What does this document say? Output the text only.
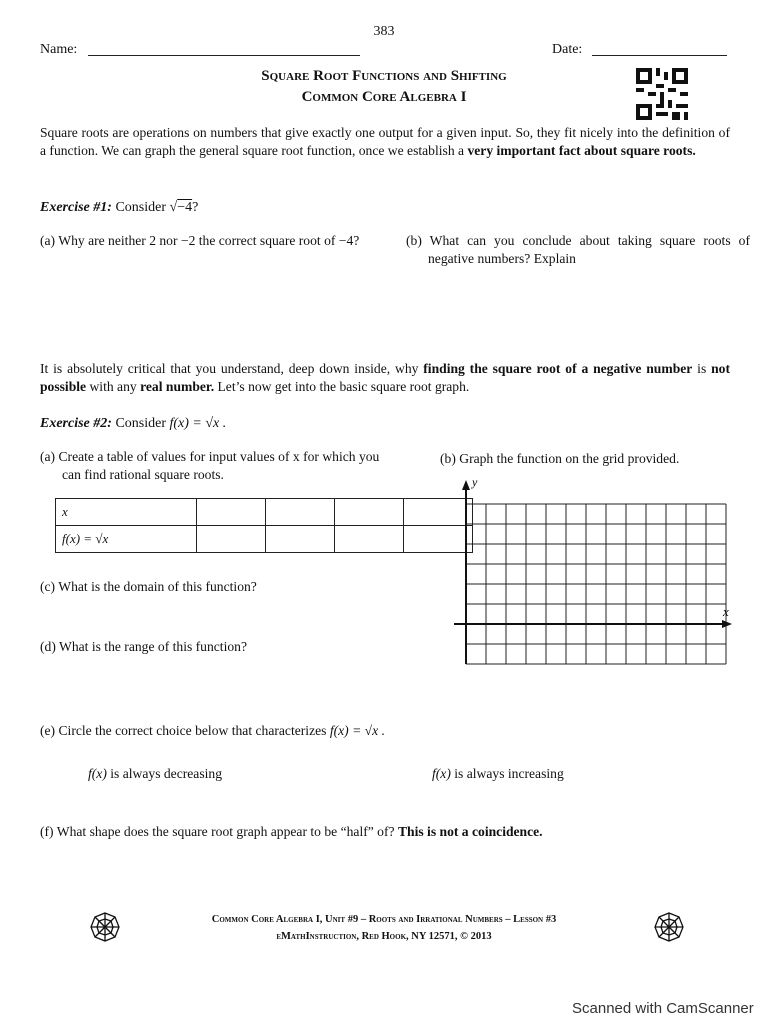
383
Name:	Date:
Square Root Functions and Shifting
Common Core Algebra I
Square roots are operations on numbers that give exactly one output for a given input. So, they fit nicely into the definition of a function. We can graph the general square root function, once we establish a very important fact about square roots.
Exercise #1: Consider √−4?
(a) Why are neither 2 nor −2 the correct square root of −4?	(b) What can you conclude about taking square roots of negative numbers? Explain
It is absolutely critical that you understand, deep down inside, why finding the square root of a negative number is not possible with any real number. Let’s now get into the basic square root graph.
Exercise #2: Consider f(x) = √x .
(a) Create a table of values for input values of x for which you can find rational square roots.
(b) Graph the function on the grid provided.
x				
f(x) = √x				
y
x
(c) What is the domain of this function?
(d) What is the range of this function?
(e) Circle the correct choice below that characterizes f(x) = √x .
f(x) is always decreasing	f(x) is always increasing
(f) What shape does the square root graph appear to be “half” of? This is not a coincidence.
Common Core Algebra I, Unit #9 – Roots and Irrational Numbers – Lesson #3
eMathInstruction, Red Hook, NY 12571, © 2013
Scanned with CamScanner
